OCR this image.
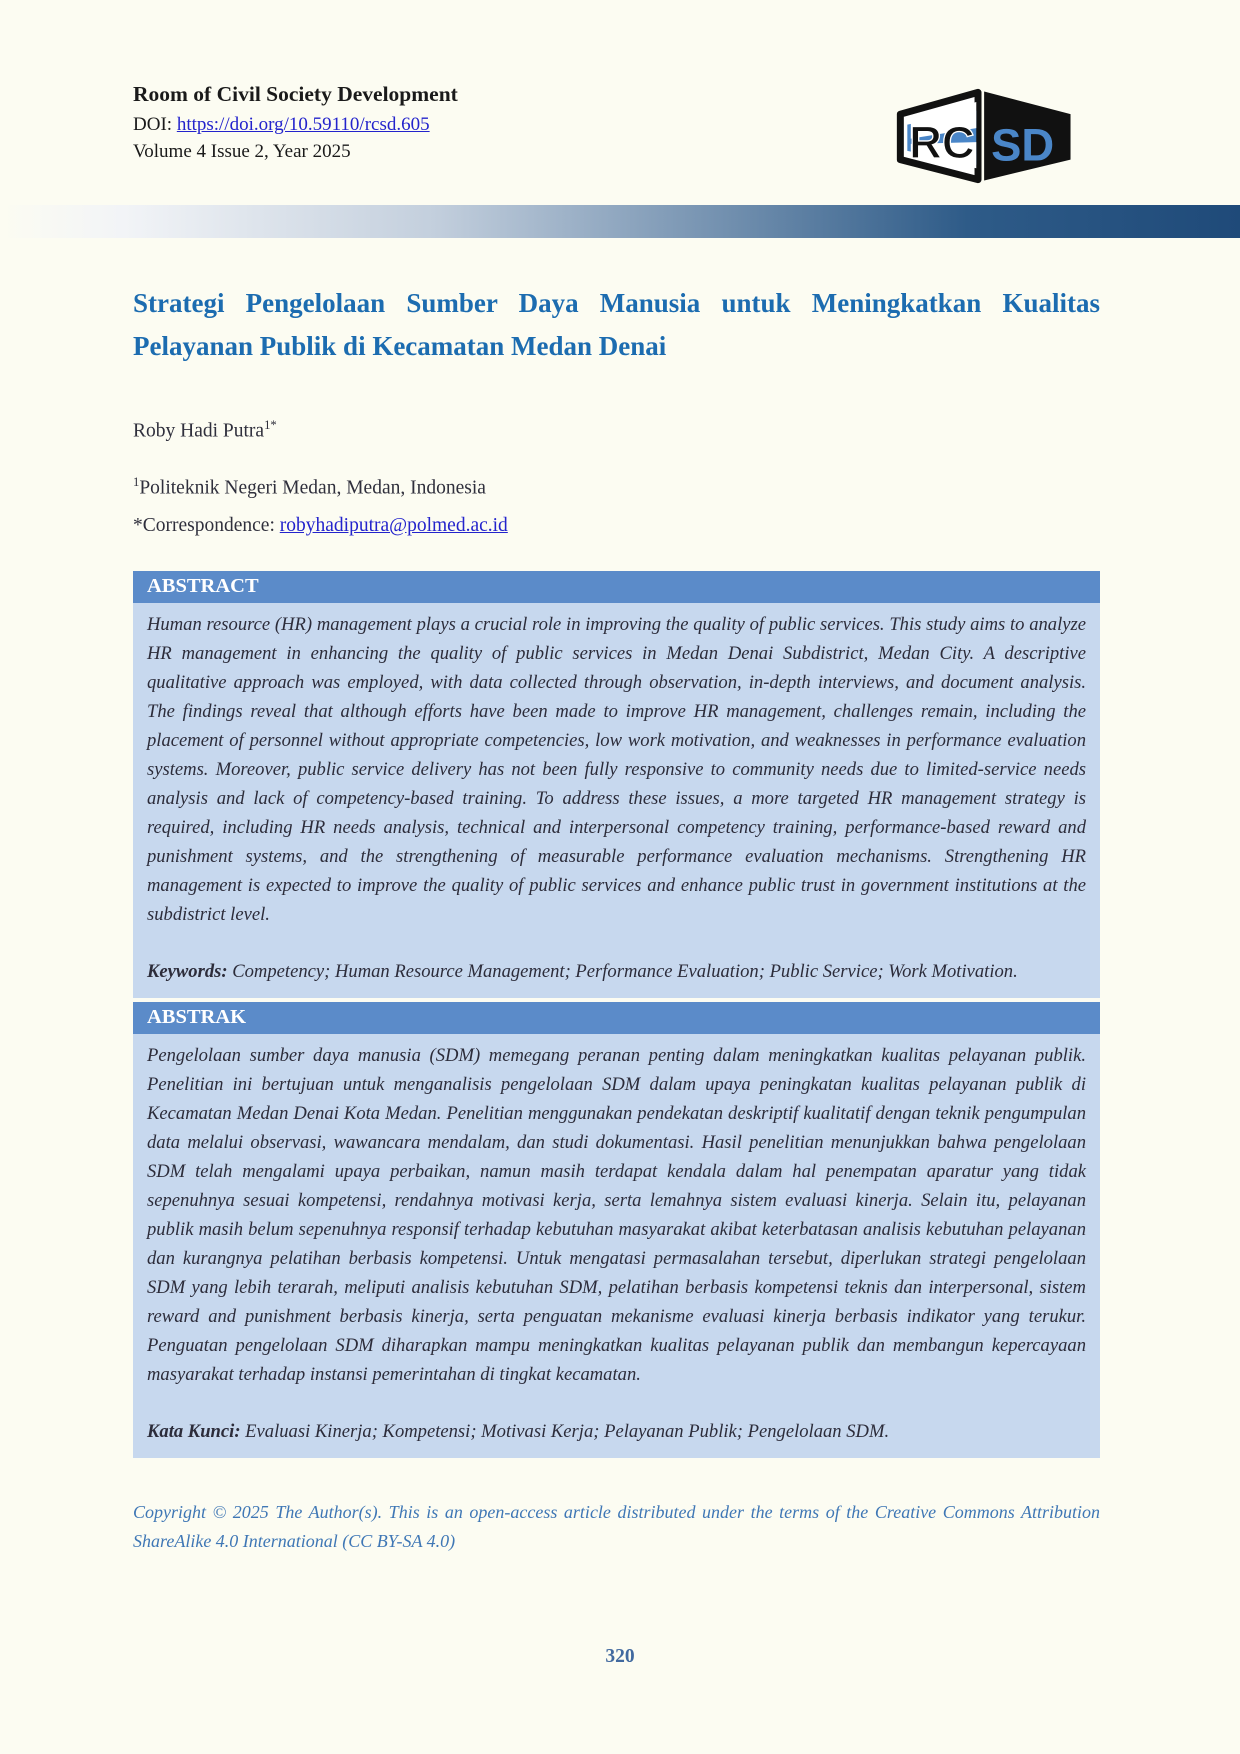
Room of Civil Society Development
DOI: https://doi.org/10.59110/rcsd.605
Volume 4 Issue 2, Year 2025	RC SD
Strategi Pengelolaan Sumber Daya Manusia untuk Meningkatkan Kualitas Pelayanan Publik di Kecamatan Medan Denai
Roby Hadi Putra$^{1*}$
$^1$Politeknik Negeri Medan, Medan, Indonesia
*Correspondence: robyhadiputra@polmed.ac.id
ABSTRACT

Human resource (HR) management plays a crucial role in improving the quality of public services. This study aims to analyze HR management in enhancing the quality of public services in Medan Denai Subdistrict, Medan City. A descriptive qualitative approach was employed, with data collected through observation, in-depth interviews, and document analysis. The findings reveal that although efforts have been made to improve HR management, challenges remain, including the placement of personnel without appropriate competencies, low work motivation, and weaknesses in performance evaluation systems. Moreover, public service delivery has not been fully responsive to community needs due to limited-service needs analysis and lack of competency-based training. To address these issues, a more targeted HR management strategy is required, including HR needs analysis, technical and interpersonal competency training, performance-based reward and punishment systems, and the strengthening of measurable performance evaluation mechanisms. Strengthening HR management is expected to improve the quality of public services and enhance public trust in government institutions at the subdistrict level.

Keywords: Competency; Human Resource Management; Performance Evaluation; Public Service; Work Motivation.

ABSTRAK

Pengelolaan sumber daya manusia (SDM) memegang peranan penting dalam meningkatkan kualitas pelayanan publik. Penelitian ini bertujuan untuk menganalisis pengelolaan SDM dalam upaya peningkatan kualitas pelayanan publik di Kecamatan Medan Denai Kota Medan. Penelitian menggunakan pendekatan deskriptif kualitatif dengan teknik pengumpulan data melalui observasi, wawancara mendalam, dan studi dokumentasi. Hasil penelitian menunjukkan bahwa pengelolaan SDM telah mengalami upaya perbaikan, namun masih terdapat kendala dalam hal penempatan aparatur yang tidak sepenuhnya sesuai kompetensi, rendahnya motivasi kerja, serta lemahnya sistem evaluasi kinerja. Selain itu, pelayanan publik masih belum sepenuhnya responsif terhadap kebutuhan masyarakat akibat keterbatasan analisis kebutuhan pelayanan dan kurangnya pelatihan berbasis kompetensi. Untuk mengatasi permasalahan tersebut, diperlukan strategi pengelolaan SDM yang lebih terarah, meliputi analisis kebutuhan SDM, pelatihan berbasis kompetensi teknis dan interpersonal, sistem reward and punishment berbasis kinerja, serta penguatan mekanisme evaluasi kinerja berbasis indikator yang terukur. Penguatan pengelolaan SDM diharapkan mampu meningkatkan kualitas pelayanan publik dan membangun kepercayaan masyarakat terhadap instansi pemerintahan di tingkat kecamatan.

Kata Kunci: Evaluasi Kinerja; Kompetensi; Motivasi Kerja; Pelayanan Publik; Pengelolaan SDM.

Copyright © 2025 The Author(s). This is an open-access article distributed under the terms of the Creative Commons Attribution ShareAlike 4.0 International (CC BY-SA 4.0)
320
